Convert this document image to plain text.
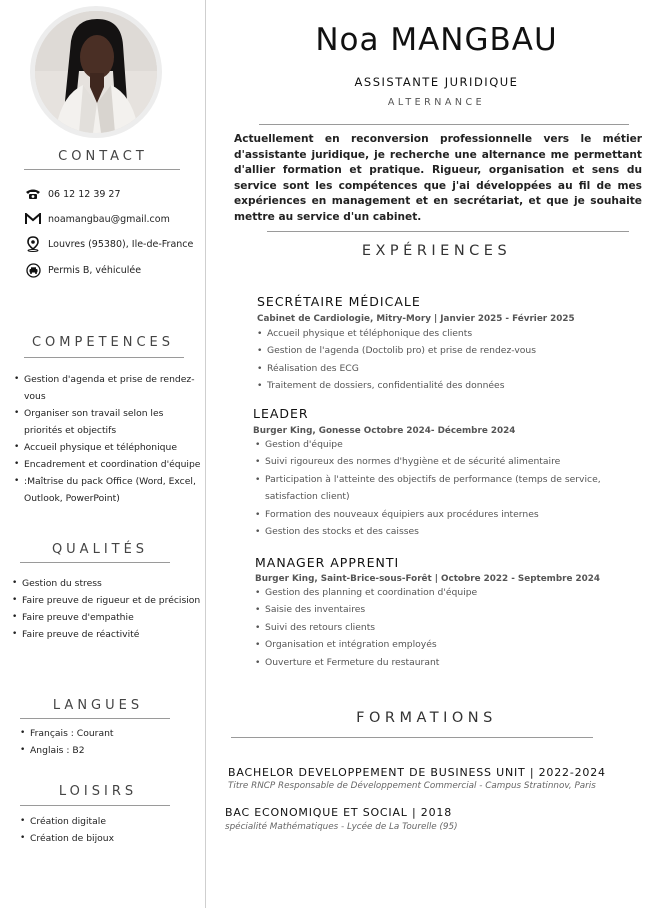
CONTACT
06 12 12 39 27
noamangbau@gmail.com
Louvres (95380), Ile-de-France
Permis B, véhiculée
COMPETENCES
• Gestion d'agenda et prise de rendez-vous
• Organiser son travail selon les priorités et objectifs
• Accueil physique et téléphonique
• Encadrement et coordination d'équipe
• :Maîtrise du pack Office (Word, Excel, Outlook, PowerPoint)
QUALITÉS
• Gestion du stress
• Faire preuve de rigueur et de précision
• Faire preuve d'empathie
• Faire preuve de réactivité
LANGUES
• Français : Courant
• Anglais : B2
LOISIRS
• Création digitale
• Création de bijoux
Noa MANGBAU
ASSISTANTE JURIDIQUE
ALTERNANCE

Actuellement en reconversion professionnelle vers le métier d'assistante juridique, je recherche une alternance me permettant d'allier formation et pratique. Rigueur, organisation et sens du service sont les compétences que j'ai développées au fil de mes expériences en management et en secrétariat, et que je souhaite mettre au service d'un cabinet.

EXPÉRIENCES
SECRÉTAIRE MÉDICALE
Cabinet de Cardiologie, Mitry-Mory | Janvier 2025 - Février 2025
• Accueil physique et téléphonique des clients
• Gestion de l'agenda (Doctolib pro) et prise de rendez-vous
• Réalisation des ECG
• Traitement de dossiers, confidentialité des données
LEADER
Burger King, Gonesse Octobre 2024- Décembre 2024
• Gestion d'équipe
• Suivi rigoureux des normes d'hygiène et de sécurité alimentaire
• Participation à l'atteinte des objectifs de performance (temps de service, satisfaction client)
• Formation des nouveaux équipiers aux procédures internes
• Gestion des stocks et des caisses
MANAGER APPRENTI
Burger King, Saint-Brice-sous-Forêt | Octobre 2022 - Septembre 2024
• Gestion des planning et coordination d'équipe
• Saisie des inventaires
• Suivi des retours clients
• Organisation et intégration employés
• Ouverture et Fermeture du restaurant
FORMATIONS
BACHELOR DEVELOPPEMENT DE BUSINESS UNIT | 2022-2024
Titre RNCP Responsable de Développement Commercial - Campus Stratinnov, Paris
BAC ECONOMIQUE ET SOCIAL | 2018
spécialité Mathématiques - Lycée de La Tourelle (95)
